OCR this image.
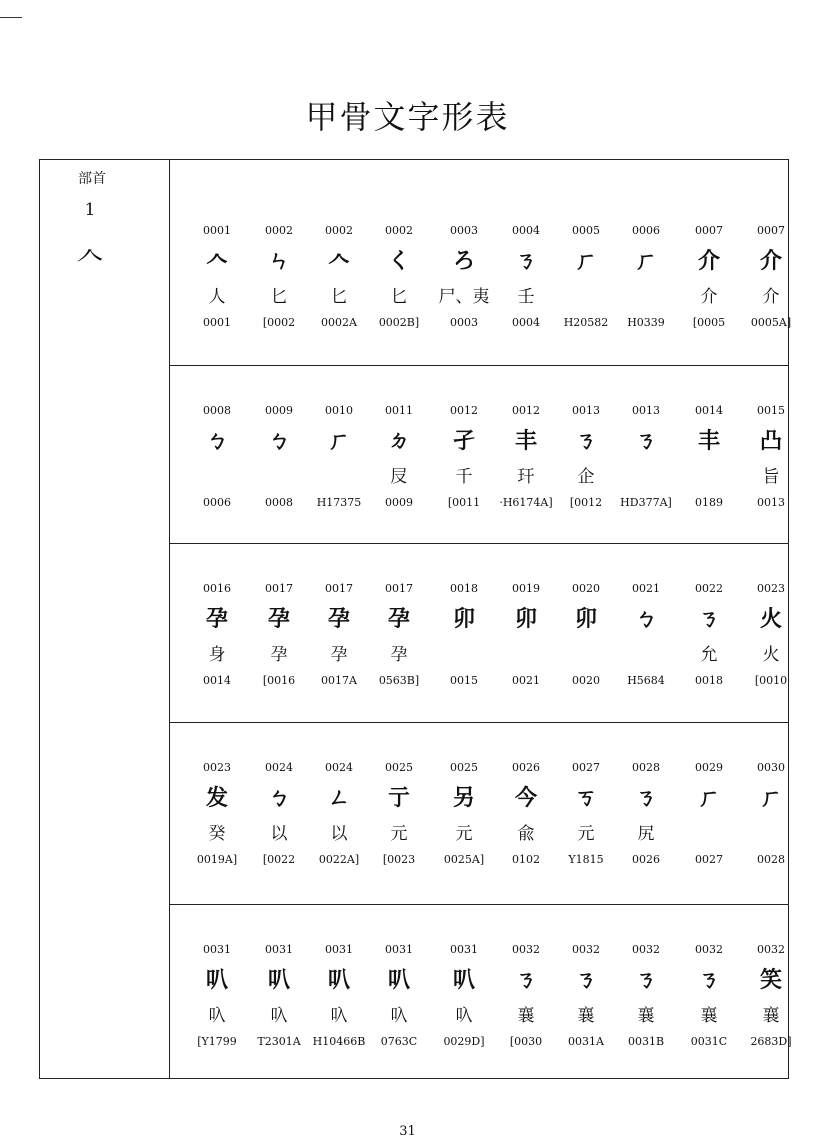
甲骨文字形表
部首
1
𠆢
0001
𠆢
人
0001
0002
ㄣ
匕
[0002
0002
𠆢
匕
0002A
0002
く
匕
0002B]
0003
ろ
尸、夷
0003
0004
ㄋ
壬
0004
0005
ㄏ
H20582
0006
ㄏ
H0339
0007
介
介
[0005
0007
介
介
0005A]
0008
ㄅ
0006
0009
ㄅ
0008
0010
ㄏ
H17375
0011
ㄉ
㞋
0009
0012
孑
千
[0011
0012
丰
玕
·H6174A]
0013
ㄋ
企
[0012
0013
ㄋ
HD377A]
0014
丰
0189
0015
凸
旨
0013
0016
孕
身
0014
0017
孕
孕
[0016
0017
孕
孕
0017A
0017
孕
孕
0563B]
0018
卯
0015
0019
卯
0021
0020
卯
0020
0021
ㄅ
H5684
0022
ㄋ
允
0018
0023
火
火
[0010
0023
发
癸
0019A]
0024
ㄅ
以
[0022
0024
ㄥ
以
0022A]
0025
亍
元
[0023
0025
另
元
0025A]
0026
今
兪
0102
0027
ㄎ
元
Y1815
0028
ㄋ
尻
0026
0029
ㄏ
0027
0030
ㄏ
0028
0031
叭
叺
[Y1799
0031
叭
叺
T2301A
0031
叭
叺
H10466B
0031
叭
叺
0763C
0031
叭
叺
0029D]
0032
ㄋ
襄
[0030
0032
ㄋ
襄
0031A
0032
ㄋ
襄
0031B
0032
ㄋ
襄
0031C
0032
笑
襄
2683D]
31
